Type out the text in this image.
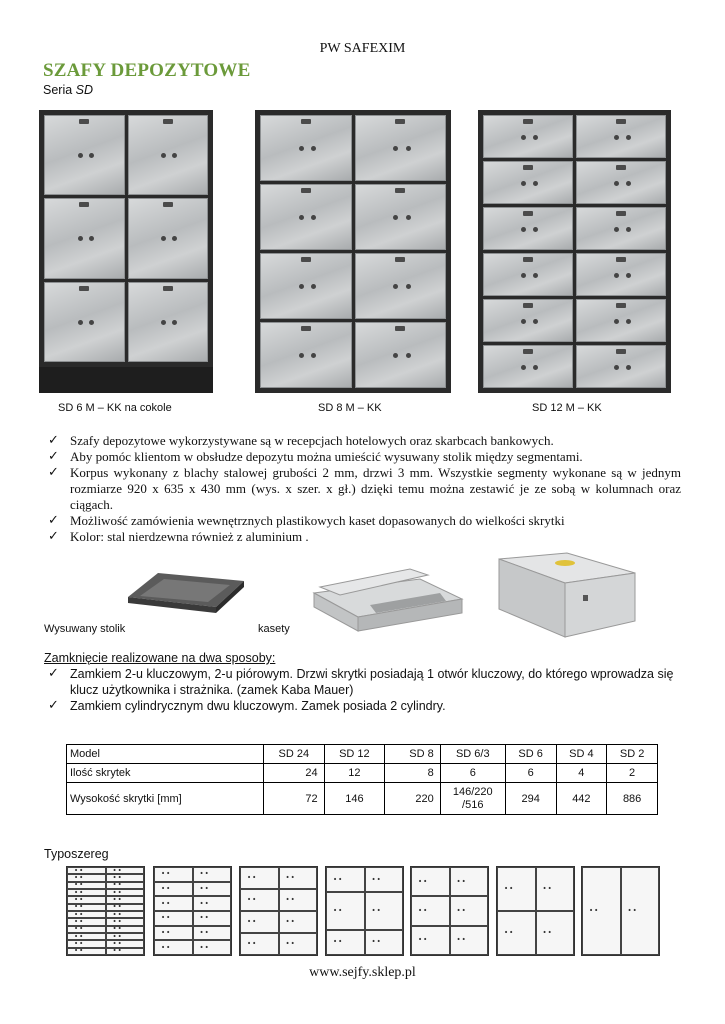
PW SAFEXIM
SZAFY DEPOZYTOWE
Seria SD
SD 6 M – KK na cokole	SD 8 M – KK	SD 12 M – KK
✓ Szafy depozytowe wykorzystywane są w recepcjach hotelowych oraz skarbcach bankowych.
✓ Aby pomóc klientom w obsłudze depozytu można umieścić wysuwany stolik między segmentami.
✓ Korpus wykonany z blachy stalowej grubości 2 mm, drzwi 3 mm. Wszystkie segmenty wykonane są w jednym rozmiarze 920 x 635 x 430 mm (wys. x szer. x gł.) dzięki temu można zestawić je ze sobą w kolumnach oraz ciągach.
✓ Możliwość zamówienia wewnętrznych plastikowych kaset dopasowanych do wielkości skrytki
✓ Kolor: stal nierdzewna również z aluminium .
Wysuwany stolik	kasety
Zamknięcie realizowane na dwa sposoby:
✓ Zamkiem 2-u kluczowym, 2-u piórowym. Drzwi skrytki posiadają 1 otwór kluczowy, do którego wprowadza się klucz użytkownika i strażnika. (zamek Kaba Mauer)
✓ Zamkiem cylindrycznym dwu kluczowym. Zamek posiada 2 cylindry.
Model	SD 24	SD 12	SD 8	SD 6/3	SD 6	SD 4	SD 2
Ilość skrytek	24	12	8	6	6	4	2
Wysokość skrytki [mm]	72	146	220	146/220 /516	294	442	886
Typoszereg
••
••
••
••
••
••
••
••
••
••
••
••
••
••
••
••
••
••
••
••
••
••
••
••
••
••
••
••
••
••
••
••
••
••
••
••
••
••
••
••
••
••
••
••
••
••
••
••
••
••
••
••
••
••
••
••
••
••
••
••
••
••
www.sejfy.sklep.pl
